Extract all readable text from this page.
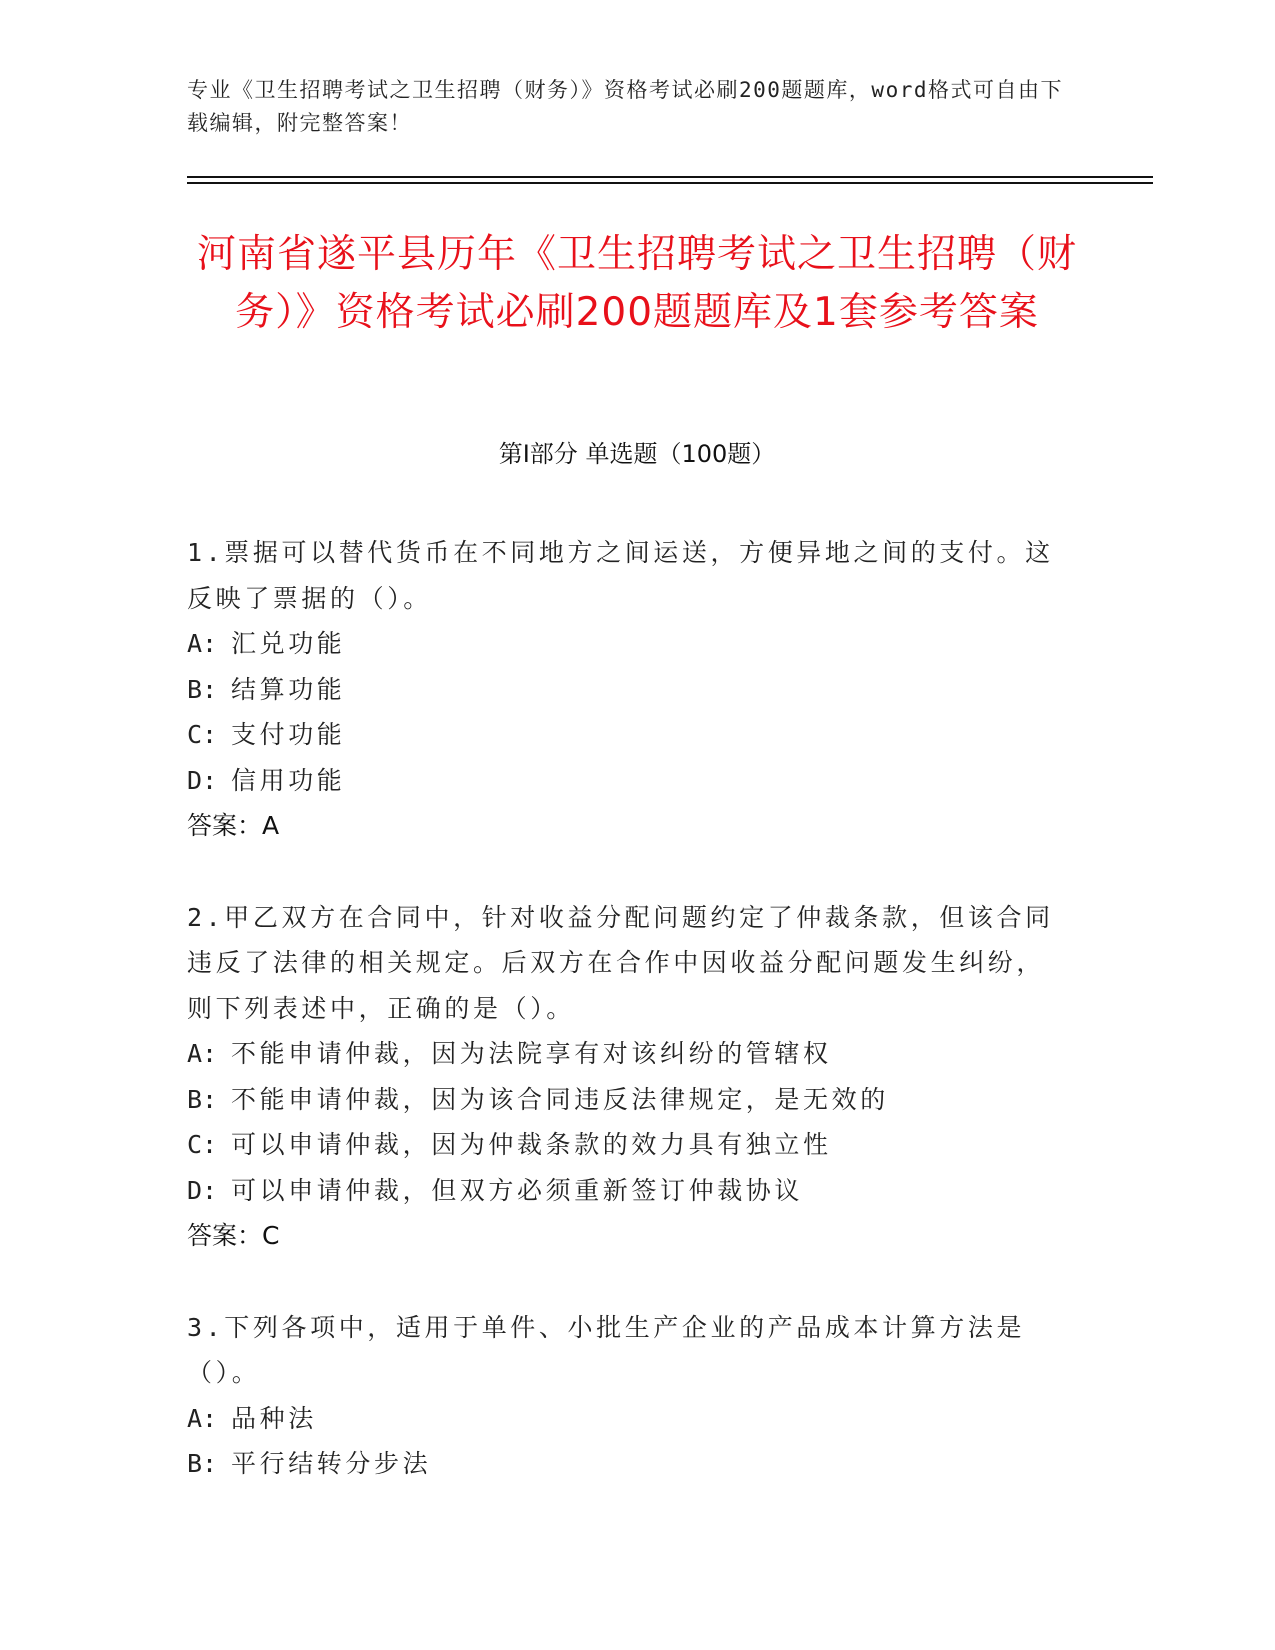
专业《卫生招聘考试之卫生招聘（财务）》资格考试必刷200题题库，word格式可自由下载编辑，附完整答案！
河南省遂平县历年《卫生招聘考试之卫生招聘（财务）》资格考试必刷200题题库及1套参考答案
第Ⅰ部分 单选题（100题）
1.票据可以替代货币在不同地方之间运送，方便异地之间的支付。这反映了票据的（）。
A: 汇兑功能
B: 结算功能
C: 支付功能
D: 信用功能
答案：A
2.甲乙双方在合同中，针对收益分配问题约定了仲裁条款，但该合同违反了法律的相关规定。后双方在合作中因收益分配问题发生纠纷，则下列表述中，正确的是（）。
A: 不能申请仲裁，因为法院享有对该纠纷的管辖权
B: 不能申请仲裁，因为该合同违反法律规定，是无效的
C: 可以申请仲裁，因为仲裁条款的效力具有独立性
D: 可以申请仲裁，但双方必须重新签订仲裁协议
答案：C
3.下列各项中，适用于单件、小批生产企业的产品成本计算方法是（）。
A: 品种法
B: 平行结转分步法
